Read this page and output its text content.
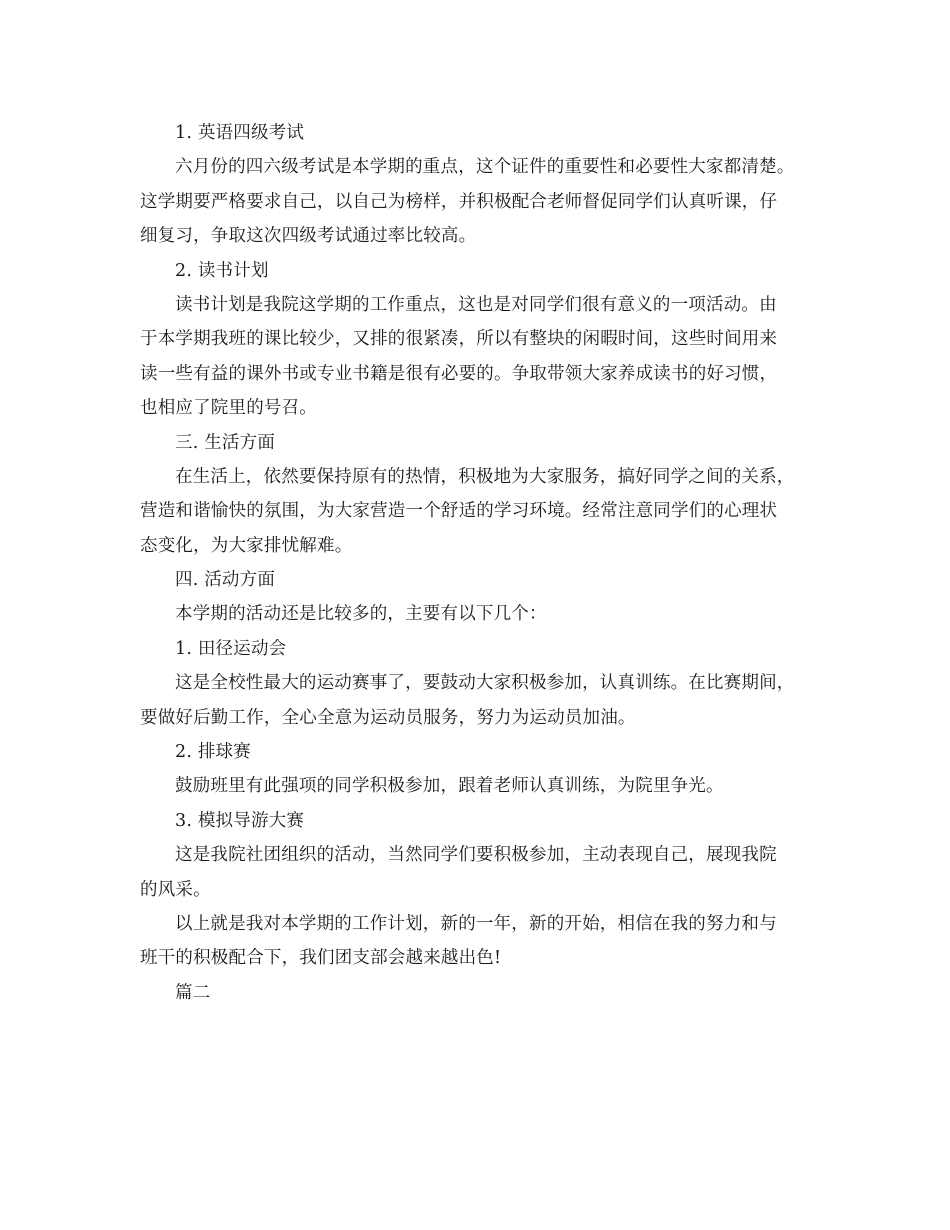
1. 英语四级考试
六月份的四六级考试是本学期的重点，这个证件的重要性和必要性大家都清楚。
这学期要严格要求自己，以自己为榜样，并积极配合老师督促同学们认真听课，仔
细复习，争取这次四级考试通过率比较高。
2. 读书计划
读书计划是我院这学期的工作重点，这也是对同学们很有意义的一项活动。由
于本学期我班的课比较少，又排的很紧凑，所以有整块的闲暇时间，这些时间用来
读一些有益的课外书或专业书籍是很有必要的。争取带领大家养成读书的好习惯，
也相应了院里的号召。
三. 生活方面
在生活上，依然要保持原有的热情，积极地为大家服务，搞好同学之间的关系，
营造和谐愉快的氛围，为大家营造一个舒适的学习环境。经常注意同学们的心理状
态变化，为大家排忧解难。
四. 活动方面
本学期的活动还是比较多的，主要有以下几个：
1. 田径运动会
这是全校性最大的运动赛事了，要鼓动大家积极参加，认真训练。在比赛期间，
要做好后勤工作，全心全意为运动员服务，努力为运动员加油。
2. 排球赛
鼓励班里有此强项的同学积极参加，跟着老师认真训练，为院里争光。
3. 模拟导游大赛
这是我院社团组织的活动，当然同学们要积极参加，主动表现自己，展现我院
的风采。
以上就是我对本学期的工作计划，新的一年，新的开始，相信在我的努力和与
班干的积极配合下，我们团支部会越来越出色!
篇二
